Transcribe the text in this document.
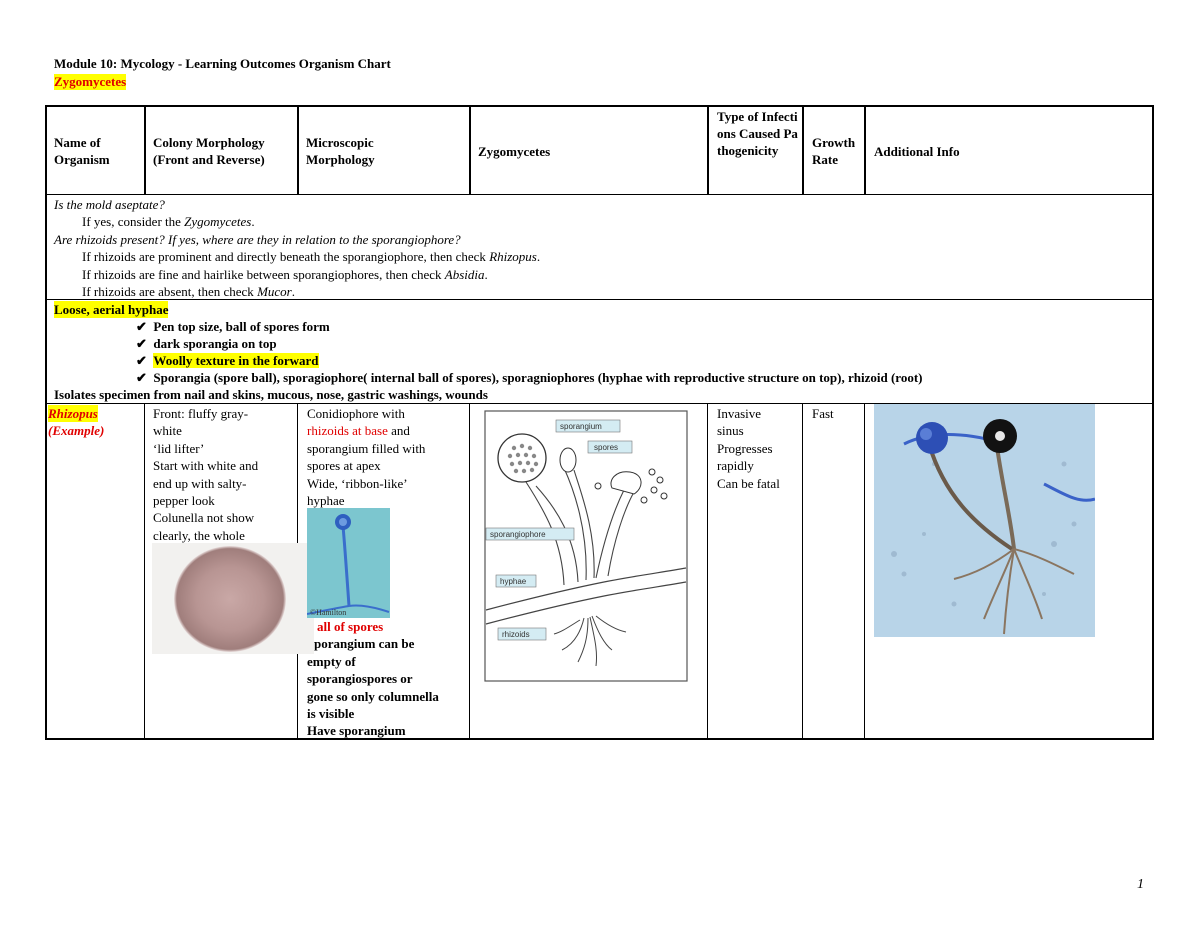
Module 10: Mycology - Learning Outcomes Organism Chart
Zygomycetes
Name of Organism
Colony Morphology (Front and Reverse)
Microscopic Morphology
Zygomycetes
Type of Infections Caused Pathogenicity
Growth Rate
Additional Info
Is the mold aseptate?
If yes, consider the Zygomycetes.
Are rhizoids present? If yes, where are they in relation to the sporangiophore?
If rhizoids are prominent and directly beneath the sporangiophore, then check Rhizopus.
If rhizoids are fine and hairlike between sporangiophores, then check Absidia.
If rhizoids are absent, then check Mucor.
Loose, aerial hyphae
✔ Pen top size, ball of spores form
✔ dark sporangia on top
✔ Woolly texture in the forward
✔ Sporangia (spore ball), sporagiophore( internal ball of spores), sporagniophores (hyphae with reproductive structure on top), rhizoid (root)
Isolates specimen from nail and skins, mucous, nose, gastric washings, wounds
Rhizopus
(Example)
Front: fluffy gray-
white
‘lid lifter’
Start with white and
end up with salty-
pepper look
Colunella not show
clearly, the whole
Conidiophore with
rhizoids at base and
sporangium filled with
spores at apex
Wide, ‘ribbon-like’
hyphae
©Hamilton
all of spores
porangium can be
empty of
sporangiospores or
gone so only columnella
is visible
Have sporangium
sporangium
spores
sporangiophore
hyphae
rhizoids
Invasive
sinus
Progresses
rapidly
Can be fatal
Fast
1
